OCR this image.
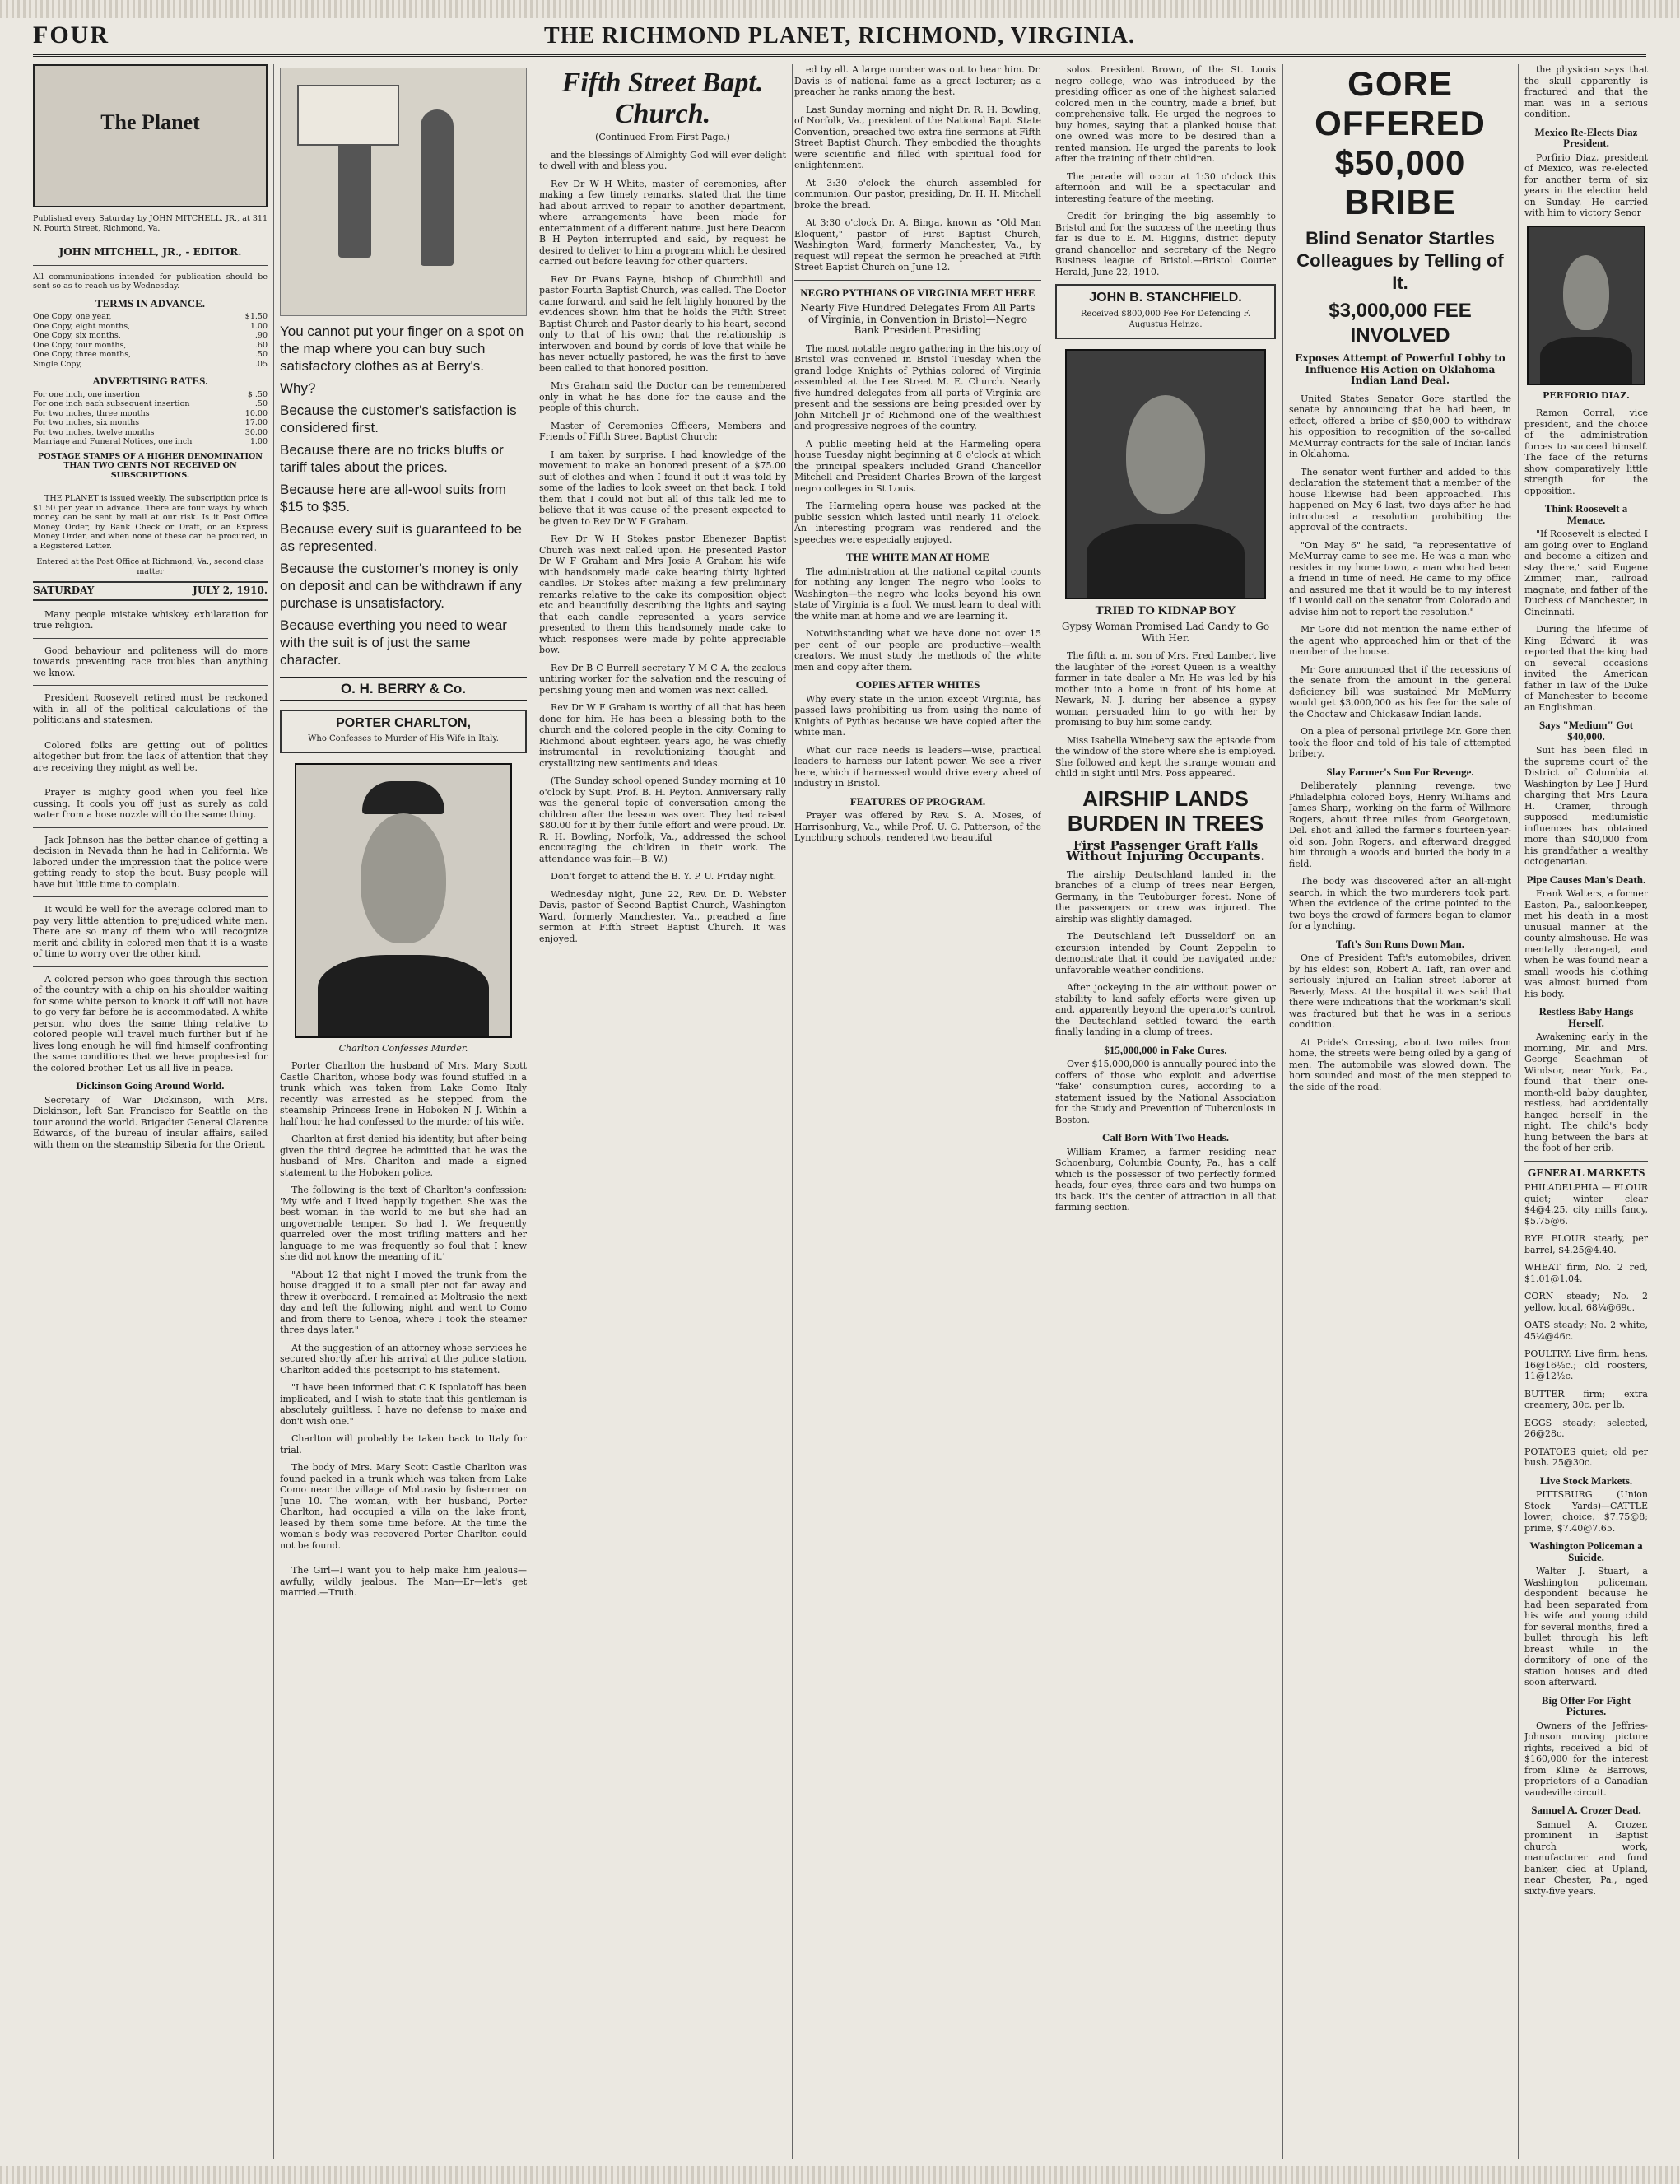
FOUR	THE RICHMOND PLANET, RICHMOND, VIRGINIA.
The Planet
Published every Saturday by JOHN MITCHELL, JR., at 311 N. Fourth Street, Richmond, Va.
JOHN MITCHELL, JR., - EDITOR.
All communications intended for publication should be sent so as to reach us by Wednesday.
TERMS IN ADVANCE.
One Copy, one year,	$1.50
One Copy, eight months,	1.00
One Copy, six months,	.90
One Copy, four months,	.60
One Copy, three months,	.50
Single Copy,	.05
ADVERTISING RATES.
For one inch, one insertion	$ .50
For one inch each subsequent insertion	.50
For two inches, three months	10.00
For two inches, six months	17.00
For two inches, twelve months	30.00
Marriage and Funeral Notices, one inch	1.00
POSTAGE STAMPS OF A HIGHER DENOMINATION THAN TWO CENTS NOT RECEIVED ON SUBSCRIPTIONS.

THE PLANET is issued weekly. The subscription price is $1.50 per year in advance. There are four ways by which money can be sent by mail at our risk. Is it Post Office Money Order, by Bank Check or Draft, or an Express Money Order, and when none of these can be procured, in a Registered Letter.

Entered at the Post Office at Richmond, Va., second class matter
SATURDAY	JULY 2, 1910.

Many people mistake whiskey exhilaration for true religion.

Good behaviour and politeness will do more towards preventing race troubles than anything we know.

President Roosevelt retired must be reckoned with in all of the political calculations of the politicians and statesmen.

Colored folks are getting out of politics altogether but from the lack of attention that they are receiving they might as well be.

Prayer is mighty good when you feel like cussing. It cools you off just as surely as cold water from a hose nozzle will do the same thing.

Jack Johnson has the better chance of getting a decision in Nevada than he had in California. We labored under the impression that the police were getting ready to stop the bout. Busy people will have but little time to complain.

It would be well for the average colored man to pay very little attention to prejudiced white men. There are so many of them who will recognize merit and ability in colored men that it is a waste of time to worry over the other kind.

A colored person who goes through this section of the country with a chip on his shoulder waiting for some white person to knock it off will not have to go very far before he is accommodated. A white person who does the same thing relative to colored people will travel much further but if he lives long enough he will find himself confronting the same conditions that we have prophesied for the colored brother. Let us all live in peace.

Dickinson Going Around World.

Secretary of War Dickinson, with Mrs. Dickinson, left San Francisco for Seattle on the tour around the world. Brigadier General Clarence Edwards, of the bureau of insular affairs, sailed with them on the steamship Siberia for the Orient.

You cannot put your finger on a spot on the map where you can buy such satisfactory clothes as at Berry's.

Why?

Because the customer's satisfaction is considered first.

Because there are no tricks bluffs or tariff tales about the prices.

Because here are all-wool suits from $15 to $35.

Because every suit is guaranteed to be as represented.

Because the customer's money is only on deposit and can be withdrawn if any purchase is unsatisfactory.

Because everthing you need to wear with the suit is of just the same character.

O. H. BERRY & Co.
PORTER CHARLTON,
Who Confesses to Murder of His Wife in Italy.
Charlton Confesses Murder.

Porter Charlton the husband of Mrs. Mary Scott Castle Charlton, whose body was found stuffed in a trunk which was taken from Lake Como Italy recently was arrested as he stepped from the steamship Princess Irene in Hoboken N J. Within a half hour he had confessed to the murder of his wife.

Charlton at first denied his identity, but after being given the third degree he admitted that he was the husband of Mrs. Charlton and made a signed statement to the Hoboken police.

The following is the text of Charlton's confession: 'My wife and I lived happily together. She was the best woman in the world to me but she had an ungovernable temper. So had I. We frequently quarreled over the most trifling matters and her language to me was frequently so foul that I knew she did not know the meaning of it.'

"About 12 that night I moved the trunk from the house dragged it to a small pier not far away and threw it overboard. I remained at Moltrasio the next day and left the following night and went to Como and from there to Genoa, where I took the steamer three days later."

At the suggestion of an attorney whose services he secured shortly after his arrival at the police station, Charlton added this postscript to his statement.

"I have been informed that C K Ispolatoff has been implicated, and I wish to state that this gentleman is absolutely guiltless. I have no defense to make and don't wish one."

Charlton will probably be taken back to Italy for trial.

The body of Mrs. Mary Scott Castle Charlton was found packed in a trunk which was taken from Lake Como near the village of Moltrasio by fishermen on June 10. The woman, with her husband, Porter Charlton, had occupied a villa on the lake front, leased by them some time before. At the time the woman's body was recovered Porter Charlton could not be found.

The Girl—I want you to help make him jealous—awfully, wildly jealous. The Man—Er—let's get married.—Truth.

Fifth Street Bapt. Church.
(Continued From First Page.)

and the blessings of Almighty God will ever delight to dwell with and bless you.

Rev Dr W H White, master of ceremonies, after making a few timely remarks, stated that the time had about arrived to repair to another department, where arrangements have been made for entertainment of a different nature. Just here Deacon B H Peyton interrupted and said, by request he desired to deliver to him a program which he desired carried out before leaving for other quarters.

Rev Dr Evans Payne, bishop of Churchhill and pastor Fourth Baptist Church, was called. The Doctor came forward, and said he felt highly honored by the evidences shown him that he holds the Fifth Street Baptist Church and Pastor dearly to his heart, second only to that of his own; that the relationship is interwoven and bound by cords of love that while he has never actually pastored, he was the first to have been called to that honored position.

Mrs Graham said the Doctor can be remembered only in what he has done for the cause and the people of this church.

Master of Ceremonies Officers, Members and Friends of Fifth Street Baptist Church:

I am taken by surprise. I had knowledge of the movement to make an honored present of a $75.00 suit of clothes and when I found it out it was told by some of the ladies to look sweet on that back. I told them that I could not but all of this talk led me to believe that it was cause of the present expected to be given to Rev Dr W F Graham.

Rev Dr W H Stokes pastor Ebenezer Baptist Church was next called upon. He presented Pastor Dr W F Graham and Mrs Josie A Graham his wife with handsomely made cake bearing thirty lighted candles. Dr Stokes after making a few preliminary remarks relative to the cake its composition object etc and beautifully describing the lights and saying that each candle represented a years service presented to them this handsomely made cake to which responses were made by polite appreciable bow.

Rev Dr B C Burrell secretary Y M C A, the zealous untiring worker for the salvation and the rescuing of perishing young men and women was next called.

Rev Dr W F Graham is worthy of all that has been done for him. He has been a blessing both to the church and the colored people in the city. Coming to Richmond about eighteen years ago, he was chiefly instrumental in revolutionizing thought and crystallizing new sentiments and ideas.

(The Sunday school opened Sunday morning at 10 o'clock by Supt. Prof. B. H. Peyton. Anniversary rally was the general topic of conversation among the children after the lesson was over. They had raised $80.00 for it by their futile effort and were proud. Dr. R. H. Bowling, Norfolk, Va., addressed the school encouraging the children in their work. The attendance was fair.—B. W.)

Don't forget to attend the B. Y. P. U. Friday night.

Wednesday night, June 22, Rev. Dr. D. Webster Davis, pastor of Second Baptist Church, Washington Ward, formerly Manchester, Va., preached a fine sermon at Fifth Street Baptist Church. It was enjoyed.

ed by all. A large number was out to hear him. Dr. Davis is of national fame as a great lecturer; as a preacher he ranks among the best.

Last Sunday morning and night Dr. R. H. Bowling, of Norfolk, Va., president of the National Bapt. State Convention, preached two extra fine sermons at Fifth Street Baptist Church. They embodied the thoughts were scientific and filled with spiritual food for enlightenment.

At 3:30 o'clock the church assembled for communion. Our pastor, presiding, Dr. H. H. Mitchell broke the bread.

At 3:30 o'clock Dr. A. Binga, known as "Old Man Eloquent," pastor of First Baptist Church, Washington Ward, formerly Manchester, Va., by request will repeat the sermon he preached at Fifth Street Baptist Church on June 12.

NEGRO PYTHIANS OF VIRGINIA MEET HERE
Nearly Five Hundred Delegates From All Parts of Virginia, in Convention in Bristol—Negro Bank President Presiding

The most notable negro gathering in the history of Bristol was convened in Bristol Tuesday when the grand lodge Knights of Pythias colored of Virginia assembled at the Lee Street M. E. Church. Nearly five hundred delegates from all parts of Virginia are present and the sessions are being presided over by John Mitchell Jr of Richmond one of the wealthiest and progressive negroes of the country.

A public meeting held at the Harmeling opera house Tuesday night beginning at 8 o'clock at which the principal speakers included Grand Chancellor Mitchell and President Charles Brown of the largest negro colleges in St Louis.

The Harmeling opera house was packed at the public session which lasted until nearly 11 o'clock. An interesting program was rendered and the speeches were especially enjoyed.

THE WHITE MAN AT HOME

The administration at the national capital counts for nothing any longer. The negro who looks to Washington—the negro who looks beyond his own state of Virginia is a fool. We must learn to deal with the white man at home and we are learning it.

Notwithstanding what we have done not over 15 per cent of our people are productive—wealth creators. We must study the methods of the white men and copy after them.

COPIES AFTER WHITES

Why every state in the union except Virginia, has passed laws prohibiting us from using the name of Knights of Pythias because we have copied after the white man.

What our race needs is leaders—wise, practical leaders to harness our latent power. We see a river here, which if harnessed would drive every wheel of industry in Bristol.

FEATURES OF PROGRAM.

Prayer was offered by Rev. S. A. Moses, of Harrisonburg, Va., while Prof. U. G. Patterson, of the Lynchburg schools, rendered two beautiful

solos. President Brown, of the St. Louis negro college, who was introduced by the presiding officer as one of the highest salaried colored men in the country, made a brief, but comprehensive talk. He urged the negroes to buy homes, saying that a planked house that one owned was more to be desired than a rented mansion. He urged the parents to look after the training of their children.

The parade will occur at 1:30 o'clock this afternoon and will be a spectacular and interesting feature of the meeting.

Credit for bringing the big assembly to Bristol and for the success of the meeting thus far is due to E. M. Higgins, district deputy grand chancellor and secretary of the Negro Business league of Bristol.—Bristol Courier Herald, June 22, 1910.

JOHN B. STANCHFIELD.
Received $800,000 Fee For Defending F. Augustus Heinze.
TRIED TO KIDNAP BOY
Gypsy Woman Promised Lad Candy to Go With Her.

The fifth a. m. son of Mrs. Fred Lambert live the laughter of the Forest Queen is a wealthy farmer in tate dealer a Mr. He was led by his mother into a home in front of his home at Newark, N. J. during her absence a gypsy woman persuaded him to go with her by promising to buy him some candy.

Miss Isabella Wineberg saw the episode from the window of the store where she is employed. She followed and kept the strange woman and child in sight until Mrs. Poss appeared.

AIRSHIP LANDS BURDEN IN TREES
First Passenger Graft Falls Without Injuring Occupants.

The airship Deutschland landed in the branches of a clump of trees near Bergen, Germany, in the Teutoburger forest. None of the passengers or crew was injured. The airship was slightly damaged.

The Deutschland left Dusseldorf on an excursion intended by Count Zeppelin to demonstrate that it could be navigated under unfavorable weather conditions.

After jockeying in the air without power or stability to land safely efforts were given up and, apparently beyond the operator's control, the Deutschland settled toward the earth finally landing in a clump of trees.

$15,000,000 in Fake Cures.

Over $15,000,000 is annually poured into the coffers of those who exploit and advertise "fake" consumption cures, according to a statement issued by the National Association for the Study and Prevention of Tuberculosis in Boston.

Calf Born With Two Heads.

William Kramer, a farmer residing near Schoenburg, Columbia County, Pa., has a calf which is the possessor of two perfectly formed heads, four eyes, three ears and two humps on its back. It's the center of attraction in all that farming section.

GORE OFFERED $50,000 BRIBE
Blind Senator Startles Colleagues by Telling of It.
$3,000,000 FEE INVOLVED
Exposes Attempt of Powerful Lobby to Influence His Action on Oklahoma Indian Land Deal.

United States Senator Gore startled the senate by announcing that he had been, in effect, offered a bribe of $50,000 to withdraw his opposition to recognition of the so-called McMurray contracts for the sale of Indian lands in Oklahoma.

The senator went further and added to this declaration the statement that a member of the house likewise had been approached. This happened on May 6 last, two days after he had introduced a resolution prohibiting the approval of the contracts.

"On May 6" he said, "a representative of McMurray came to see me. He was a man who resides in my home town, a man who had been a friend in time of need. He came to my office and assured me that it would be to my interest if I would call on the senator from Colorado and advise him not to report the resolution."

Mr Gore did not mention the name either of the agent who approached him or that of the member of the house.

Mr Gore announced that if the recessions of the senate from the amount in the general deficiency bill was sustained Mr McMurry would get $3,000,000 as his fee for the sale of the Choctaw and Chickasaw Indian lands.

On a plea of personal privilege Mr. Gore then took the floor and told of his tale of attempted bribery.

Slay Farmer's Son For Revenge.

Deliberately planning revenge, two Philadelphia colored boys, Henry Williams and James Sharp, working on the farm of Willmore Rogers, about three miles from Georgetown, Del. shot and killed the farmer's fourteen-year-old son, John Rogers, and afterward dragged him through a woods and buried the body in a field.

The body was discovered after an all-night search, in which the two murderers took part. When the evidence of the crime pointed to the two boys the crowd of farmers began to clamor for a lynching.

Taft's Son Runs Down Man.

One of President Taft's automobiles, driven by his eldest son, Robert A. Taft, ran over and seriously injured an Italian street laborer at Beverly, Mass. At the hospital it was said that there were indications that the workman's skull was fractured but that he was in a serious condition.

At Pride's Crossing, about two miles from home, the streets were being oiled by a gang of men. The automobile was slowed down. The horn sounded and most of the men stepped to the side of the road.

the physician says that the skull apparently is fractured and that the man was in a serious condition.

Mexico Re-Elects Diaz President.

Porfirio Diaz, president of Mexico, was re-elected for another term of six years in the election held on Sunday. He carried with him to victory Senor

PERFORIO DIAZ.

Ramon Corral, vice president, and the choice of the administration forces to succeed himself. The face of the returns show comparatively little strength for the opposition.

Think Roosevelt a Menace.

"If Roosevelt is elected I am going over to England and become a citizen and stay there," said Eugene Zimmer, man, railroad magnate, and father of the Duchess of Manchester, in Cincinnati.

During the lifetime of King Edward it was reported that the king had on several occasions invited the American father in law of the Duke of Manchester to become an Englishman.

Says "Medium" Got $40,000.

Suit has been filed in the supreme court of the District of Columbia at Washington by Lee J Hurd charging that Mrs Laura H. Cramer, through supposed mediumistic influences has obtained more than $40,000 from his grandfather a wealthy octogenarian.

Pipe Causes Man's Death.

Frank Walters, a former Easton, Pa., saloonkeeper, met his death in a most unusual manner at the county almshouse. He was mentally deranged, and when he was found near a small woods his clothing was almost burned from his body.

Restless Baby Hangs Herself.

Awakening early in the morning, Mr. and Mrs. George Seachman of Windsor, near York, Pa., found that their one-month-old baby daughter, restless, had accidentally hanged herself in the night. The child's body hung between the bars at the foot of her crib.

GENERAL MARKETS

PHILADELPHIA — FLOUR quiet; winter clear $4@4.25, city mills fancy, $5.75@6.

RYE FLOUR steady, per barrel, $4.25@4.40.

WHEAT firm, No. 2 red, $1.01@1.04.

CORN steady; No. 2 yellow, local, 68¼@69c.

OATS steady; No. 2 white, 45¼@46c.

POULTRY: Live firm, hens, 16@16½c.; old roosters, 11@12½c.

BUTTER firm; extra creamery, 30c. per lb.

EGGS steady; selected, 26@28c.

POTATOES quiet; old per bush. 25@30c.

Live Stock Markets.

PITTSBURG (Union Stock Yards)—CATTLE lower; choice, $7.75@8; prime, $7.40@7.65.

Washington Policeman a Suicide.

Walter J. Stuart, a Washington policeman, despondent because he had been separated from his wife and young child for several months, fired a bullet through his left breast while in the dormitory of one of the station houses and died soon afterward.

Big Offer For Fight Pictures.

Owners of the Jeffries-Johnson moving picture rights, received a bid of $160,000 for the interest from Kline & Barrows, proprietors of a Canadian vaudeville circuit.

Samuel A. Crozer Dead.

Samuel A. Crozer, prominent in Baptist church work, manufacturer and fund banker, died at Upland, near Chester, Pa., aged sixty-five years.
